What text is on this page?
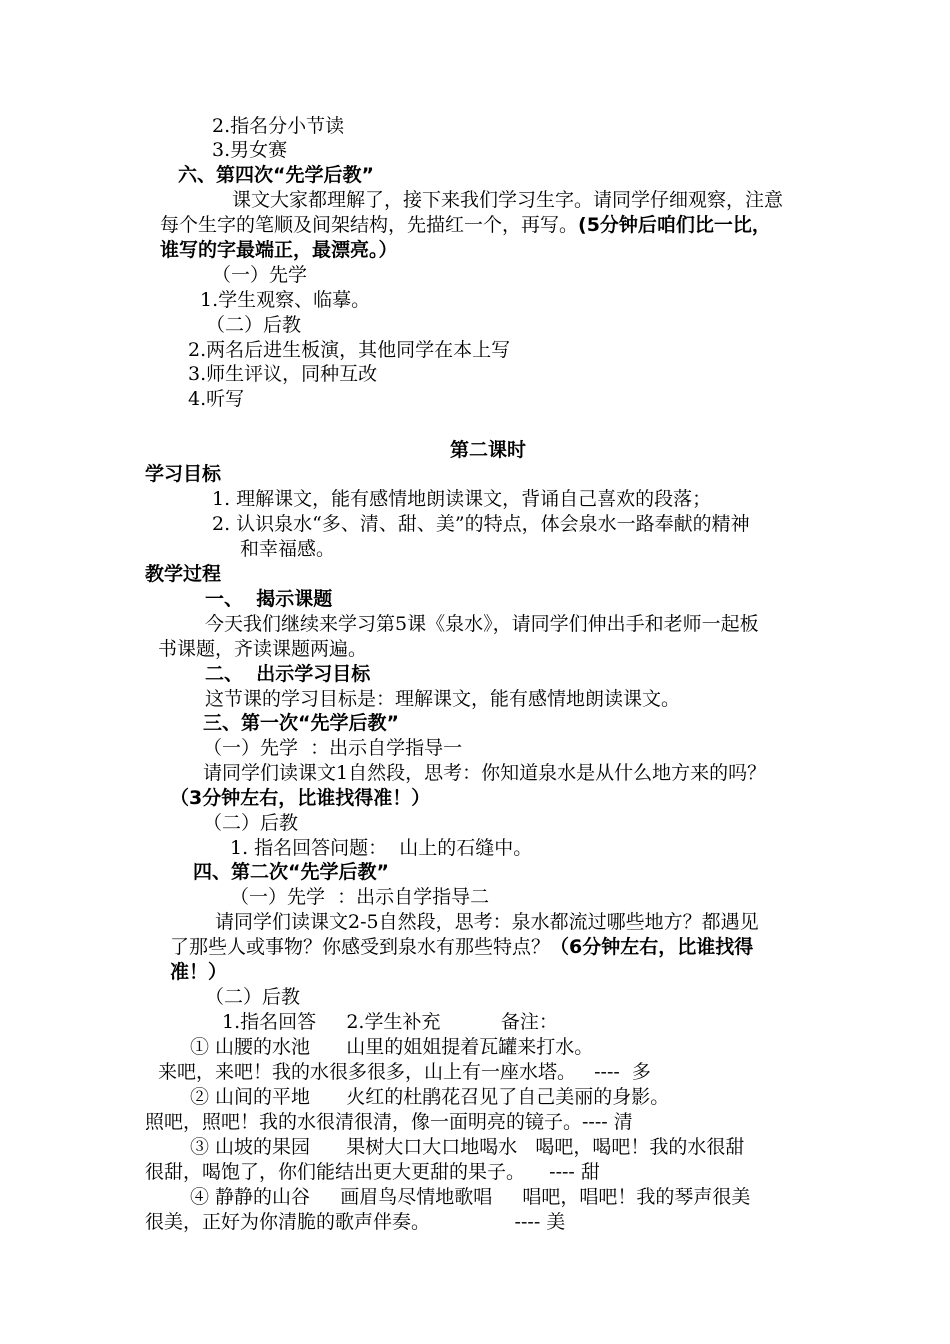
2.指名分小节读
3.男女赛
六、第四次“先学后教”
课文大家都理解了，接下来我们学习生字。请同学仔细观察，注意
每个生字的笔顺及间架结构，先描红一个，再写。(5分钟后咱们比一比，
谁写的字最端正，最漂亮。）
（一）先学
1.学生观察、临摹。
（二）后教
2.两名后进生板演，其他同学在本上写
3.师生评议，同种互改
4.听写
第二课时
学习目标
1. 理解课文，能有感情地朗读课文，背诵自己喜欢的段落；
2. 认识泉水“多、清、甜、美”的特点，体会泉水一路奉献的精神
和幸福感。
教学过程
一、  揭示课题
今天我们继续来学习第5课《泉水》，请同学们伸出手和老师一起板
书课题，齐读课题两遍。
二、  出示学习目标
这节课的学习目标是：理解课文，能有感情地朗读课文。
三、第一次“先学后教”
（一）先学  ：出示自学指导一
请同学们读课文1自然段，思考：你知道泉水是从什么地方来的吗？
（3分钟左右，比谁找得准！）
（二）后教
1. 指名回答问题：  山上的石缝中。
四、第二次“先学后教”
（一）先学  ：出示自学指导二
请同学们读课文2-5自然段，思考：泉水都流过哪些地方？都遇见
了那些人或事物？你感受到泉水有那些特点？（6分钟左右，比谁找得
准！）
（二）后教
1.指名回答     2.学生补充          备注：
① 山腰的水池      山里的姐姐提着瓦罐来打水。
来吧，来吧！我的水很多很多，山上有一座水塔。   ----  多
② 山间的平地      火红的杜鹃花召见了自己美丽的身影。
照吧，照吧！我的水很清很清，像一面明亮的镜子。---- 清
③ 山坡的果园      果树大口大口地喝水   喝吧，喝吧！我的水很甜
很甜，喝饱了，你们能结出更大更甜的果子。    ---- 甜
④ 静静的山谷     画眉鸟尽情地歌唱     唱吧，唱吧！我的琴声很美
很美，正好为你清脆的歌声伴奏。              ---- 美
